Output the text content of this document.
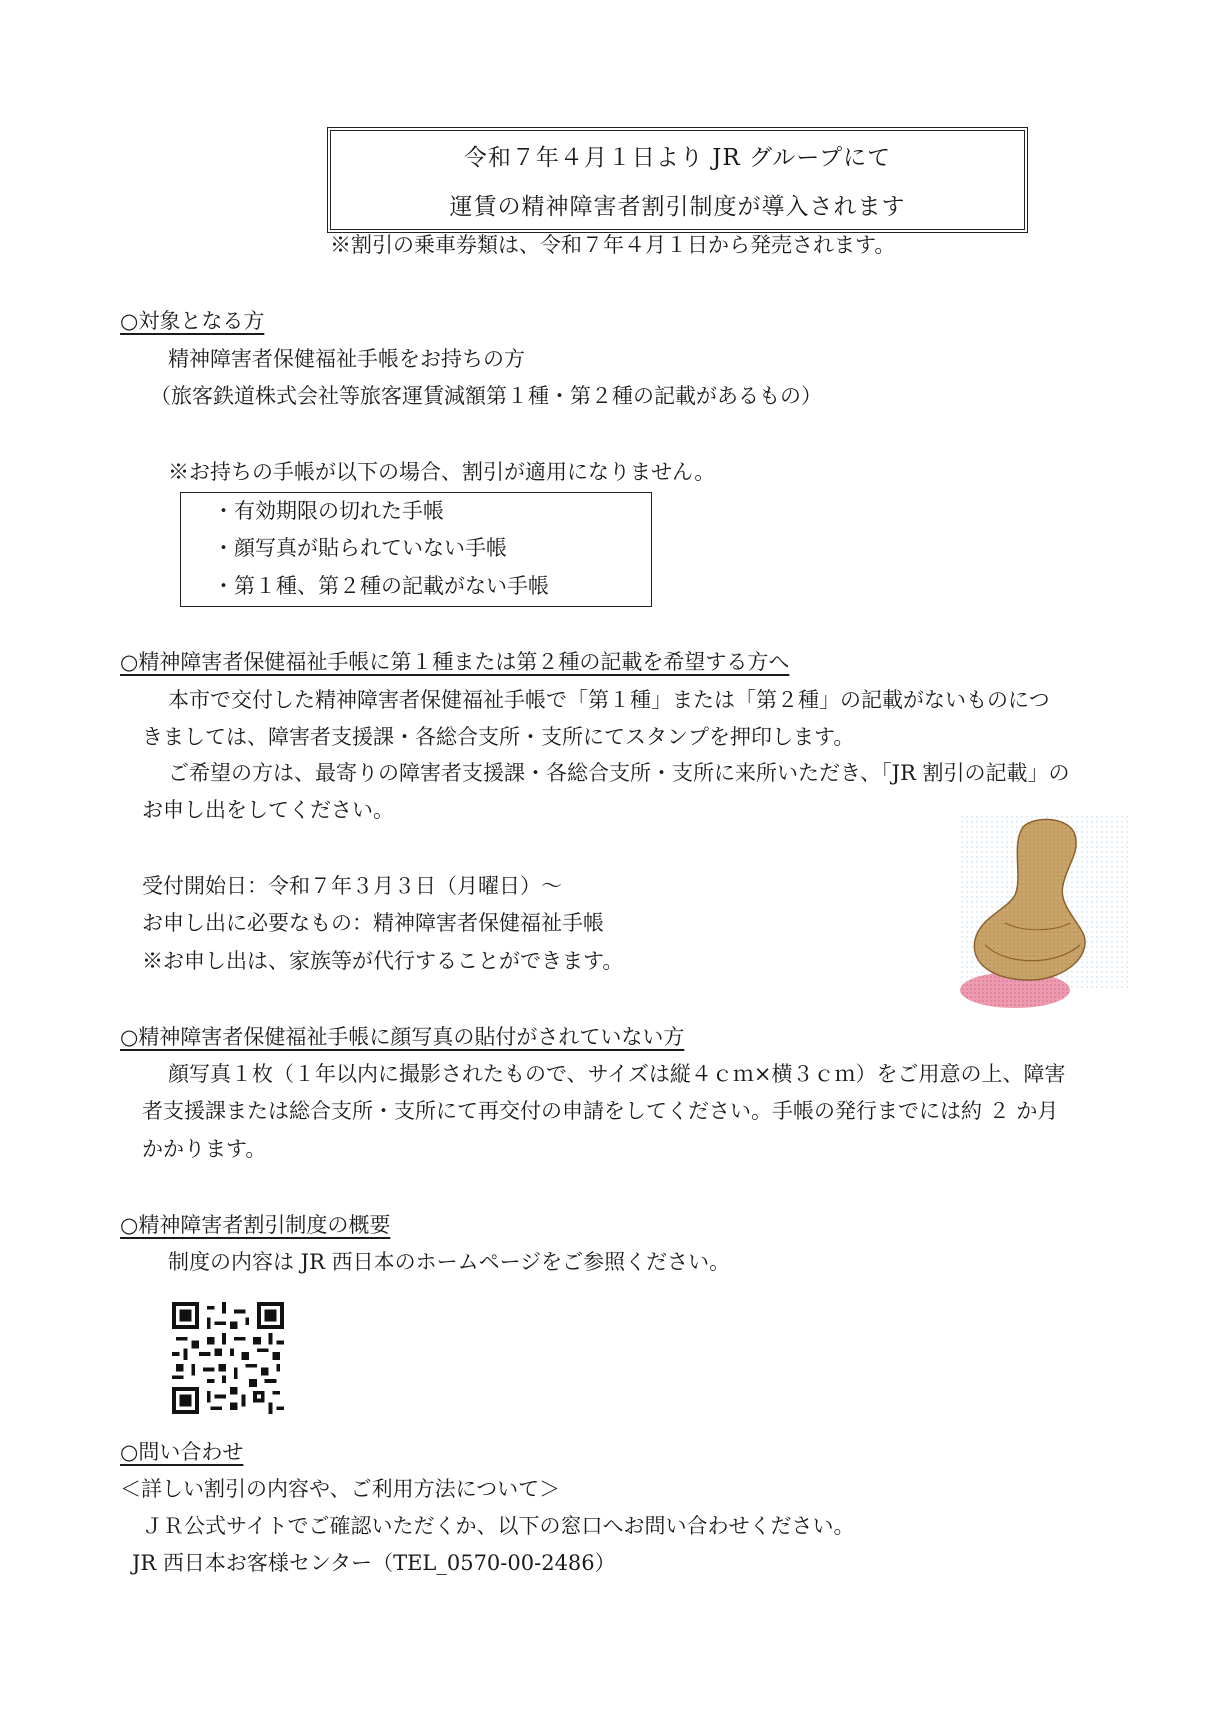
令和７年４月１日より JR グループにて
運賃の精神障害者割引制度が導入されます
※割引の乗車券類は、令和７年４月１日から発売されます。
○対象となる方
精神障害者保健福祉手帳をお持ちの方
（旅客鉄道株式会社等旅客運賃減額第１種・第２種の記載があるもの）
※お持ちの手帳が以下の場合、割引が適用になりません。
・有効期限の切れた手帳
・顔写真が貼られていない手帳
・第１種、第２種の記載がない手帳
○精神障害者保健福祉手帳に第１種または第２種の記載を希望する方へ
本市で交付した精神障害者保健福祉手帳で「第１種」または「第２種」の記載がないものにつ
きましては、障害者支援課・各総合支所・支所にてスタンプを押印します。
ご希望の方は、最寄りの障害者支援課・各総合支所・支所に来所いただき、「JR 割引の記載」の
お申し出をしてください。
受付開始日：令和７年３月３日（月曜日）～
お申し出に必要なもの：精神障害者保健福祉手帳
※お申し出は、家族等が代行することができます。
○精神障害者保健福祉手帳に顔写真の貼付がされていない方
顔写真１枚（１年以内に撮影されたもので、サイズは縦４ｃｍ×横３ｃｍ）をご用意の上、障害
者支援課または総合支所・支所にて再交付の申請をしてください。手帳の発行までには約 ２ か月
かかります。
○精神障害者割引制度の概要
制度の内容は JR 西日本のホームページをご参照ください。
○問い合わせ
＜詳しい割引の内容や、ご利用方法について＞
ＪＲ公式サイトでご確認いただくか、以下の窓口へお問い合わせください。
JR 西日本お客様センター（TEL_0570-00-2486）
